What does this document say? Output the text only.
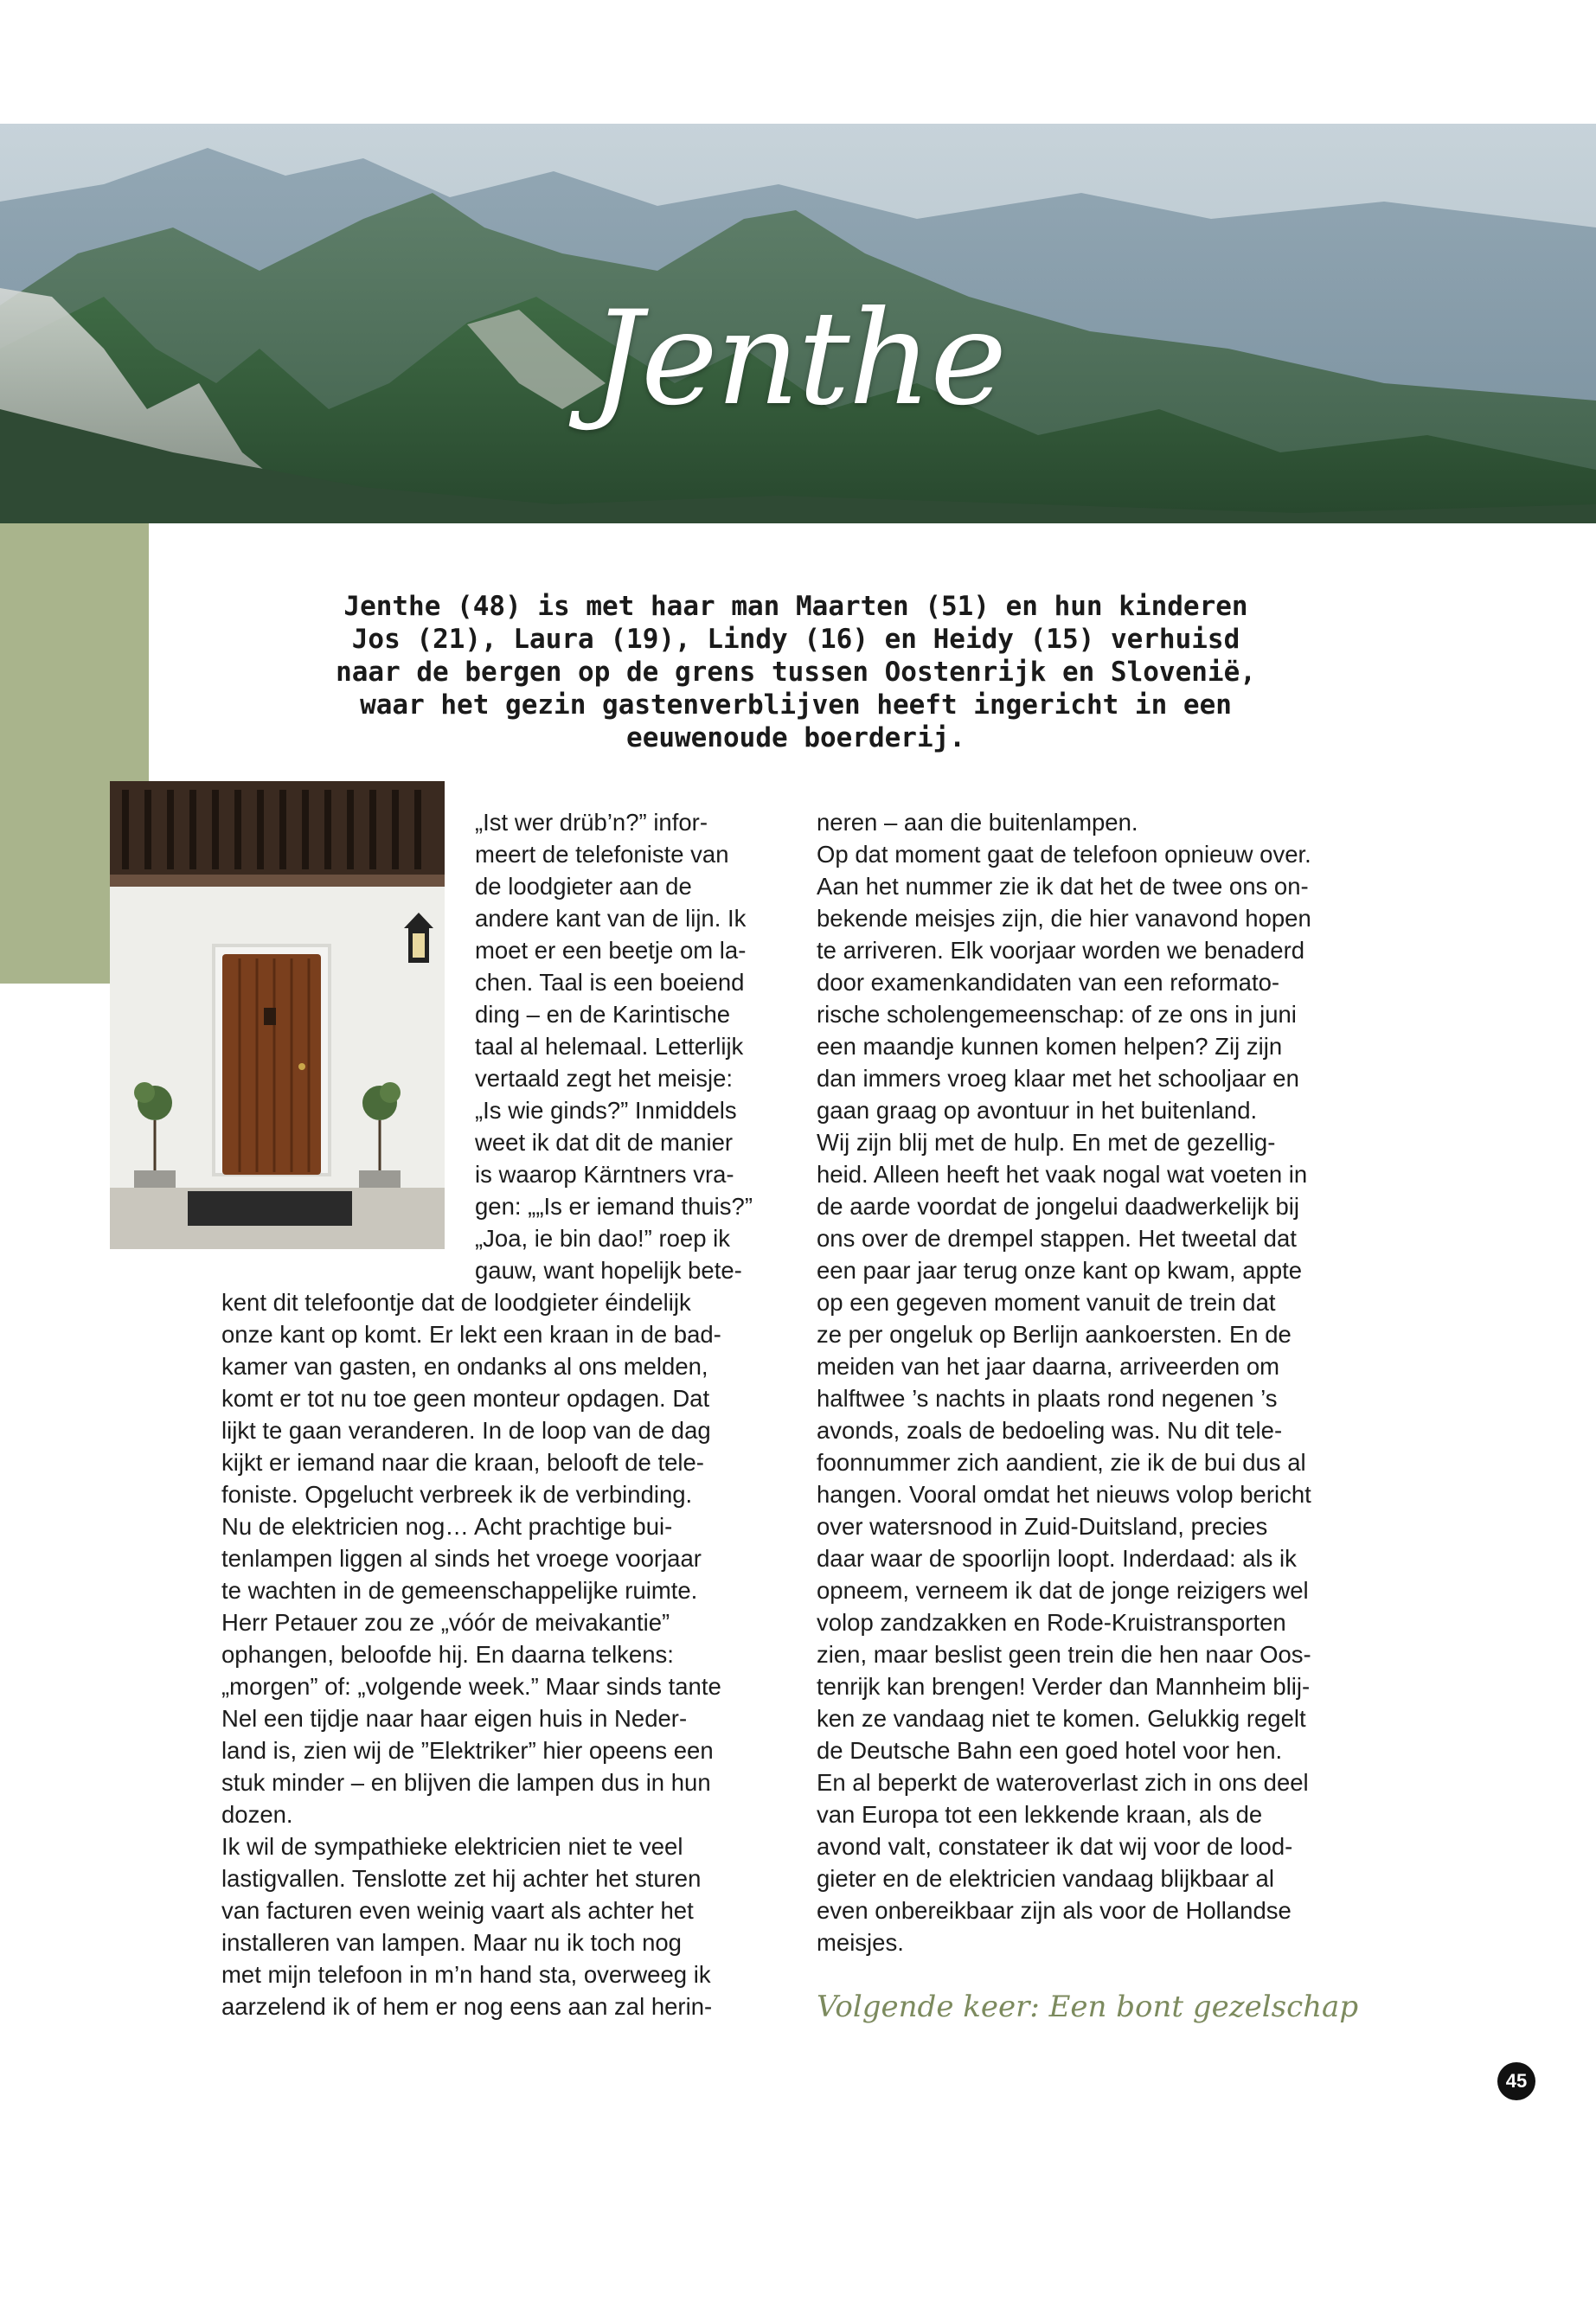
Jenthe
Jenthe (48) is met haar man Maarten (51) en hun kinderen
Jos (21), Laura (19), Lindy (16) en Heidy (15) verhuisd
naar de bergen op de grens tussen Oostenrijk en Slovenië,
waar het gezin gastenverblijven heeft ingericht in een
eeuwenoude boerderij.
„Ist wer drüb’n?” infor-
meert de telefoniste van
de loodgieter aan de
andere kant van de lijn. Ik
moet er een beetje om la-
chen. Taal is een boeiend
ding – en de Karintische
taal al helemaal. Letterlijk
vertaald zegt het meisje:
„Is wie ginds?” Inmiddels
weet ik dat dit de manier
is waarop Kärntners vra-
gen: „„Is er iemand thuis?”
„Joa, ie bin dao!” roep ik
gauw, want hopelijk bete-
kent dit telefoontje dat de loodgieter éindelijk
onze kant op komt. Er lekt een kraan in de bad-
kamer van gasten, en ondanks al ons melden,
komt er tot nu toe geen monteur opdagen. Dat
lijkt te gaan veranderen. In de loop van de dag
kijkt er iemand naar die kraan, belooft de tele-
foniste. Opgelucht verbreek ik de verbinding.
Nu de elektricien nog… Acht prachtige bui-
tenlampen liggen al sinds het vroege voorjaar
te wachten in de gemeenschappelijke ruimte.
Herr Petauer zou ze „vóór de meivakantie”
ophangen, beloofde hij. En daarna telkens:
„morgen” of: „volgende week.” Maar sinds tante
Nel een tijdje naar haar eigen huis in Neder-
land is, zien wij de ”Elektriker” hier opeens een
stuk minder – en blijven die lampen dus in hun
dozen.
Ik wil de sympathieke elektricien niet te veel
lastigvallen. Tenslotte zet hij achter het sturen
van facturen even weinig vaart als achter het
installeren van lampen. Maar nu ik toch nog
met mijn telefoon in m’n hand sta, overweeg ik
aarzelend ik of hem er nog eens aan zal herin-
neren – aan die buitenlampen.
Op dat moment gaat de telefoon opnieuw over.
Aan het nummer zie ik dat het de twee ons on-
bekende meisjes zijn, die hier vanavond hopen
te arriveren. Elk voorjaar worden we benaderd
door examenkandidaten van een reformato-
rische scholengemeenschap: of ze ons in juni
een maandje kunnen komen helpen? Zij zijn
dan immers vroeg klaar met het schooljaar en
gaan graag op avontuur in het buitenland.
Wij zijn blij met de hulp. En met de gezellig-
heid. Alleen heeft het vaak nogal wat voeten in
de aarde voordat de jongelui daadwerkelijk bij
ons over de drempel stappen. Het tweetal dat
een paar jaar terug onze kant op kwam, appte
op een gegeven moment vanuit de trein dat
ze per ongeluk op Berlijn aankoersten. En de
meiden van het jaar daarna, arriveerden om
halftwee ’s nachts in plaats rond negenen ’s
avonds, zoals de bedoeling was. Nu dit tele-
foonnummer zich aandient, zie ik de bui dus al
hangen. Vooral omdat het nieuws volop bericht
over watersnood in Zuid-Duitsland, precies
daar waar de spoorlijn loopt. Inderdaad: als ik
opneem, verneem ik dat de jonge reizigers wel
volop zandzakken en Rode-Kruistransporten
zien, maar beslist geen trein die hen naar Oos-
tenrijk kan brengen! Verder dan Mannheim blij-
ken ze vandaag niet te komen. Gelukkig regelt
de Deutsche Bahn een goed hotel voor hen.
En al beperkt de wateroverlast zich in ons deel
van Europa tot een lekkende kraan, als de
avond valt, constateer ik dat wij voor de lood-
gieter en de elektricien vandaag blijkbaar al
even onbereikbaar zijn als voor de Hollandse
meisjes.
Volgende keer: Een bont gezelschap
45
